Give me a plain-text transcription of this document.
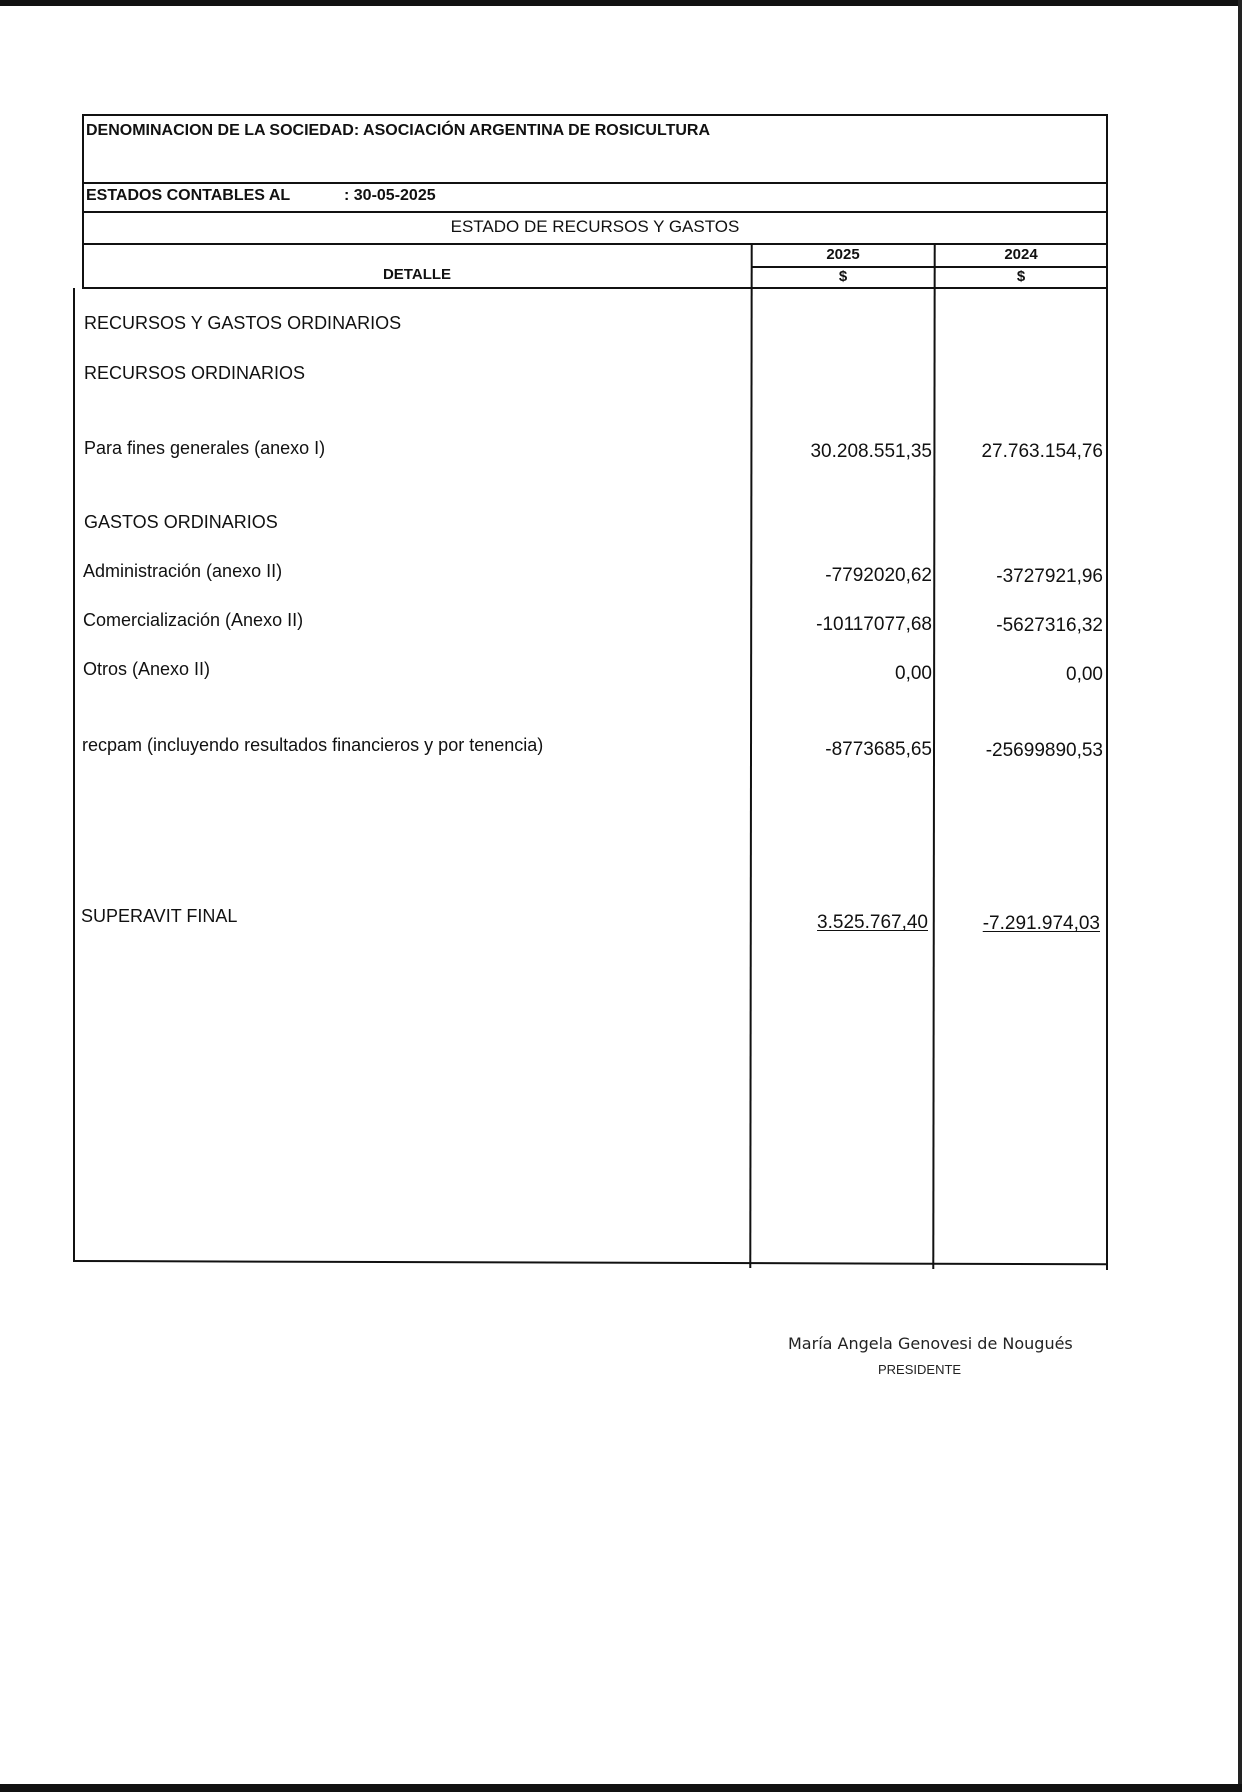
DENOMINACION DE LA SOCIEDAD: ASOCIACIÓN ARGENTINA DE ROSICULTURA
ESTADOS CONTABLES AL	: 30-05-2025
ESTADO DE RECURSOS Y GASTOS
DETALLE
2025	2024
$	$
RECURSOS Y GASTOS ORDINARIOS
RECURSOS ORDINARIOS
Para fines generales (anexo I)	30.208.551,35	27.763.154,76
GASTOS ORDINARIOS
Administración (anexo II)	-7792020,62	-3727921,96
Comercialización (Anexo II)	-10117077,68	-5627316,32
Otros (Anexo II)	0,00	0,00
recpam (incluyendo resultados financieros y por tenencia)	-8773685,65	-25699890,53
SUPERAVIT FINAL	3.525.767,40	-7.291.974,03
María Angela Genovesi de Nougués
PRESIDENTE
